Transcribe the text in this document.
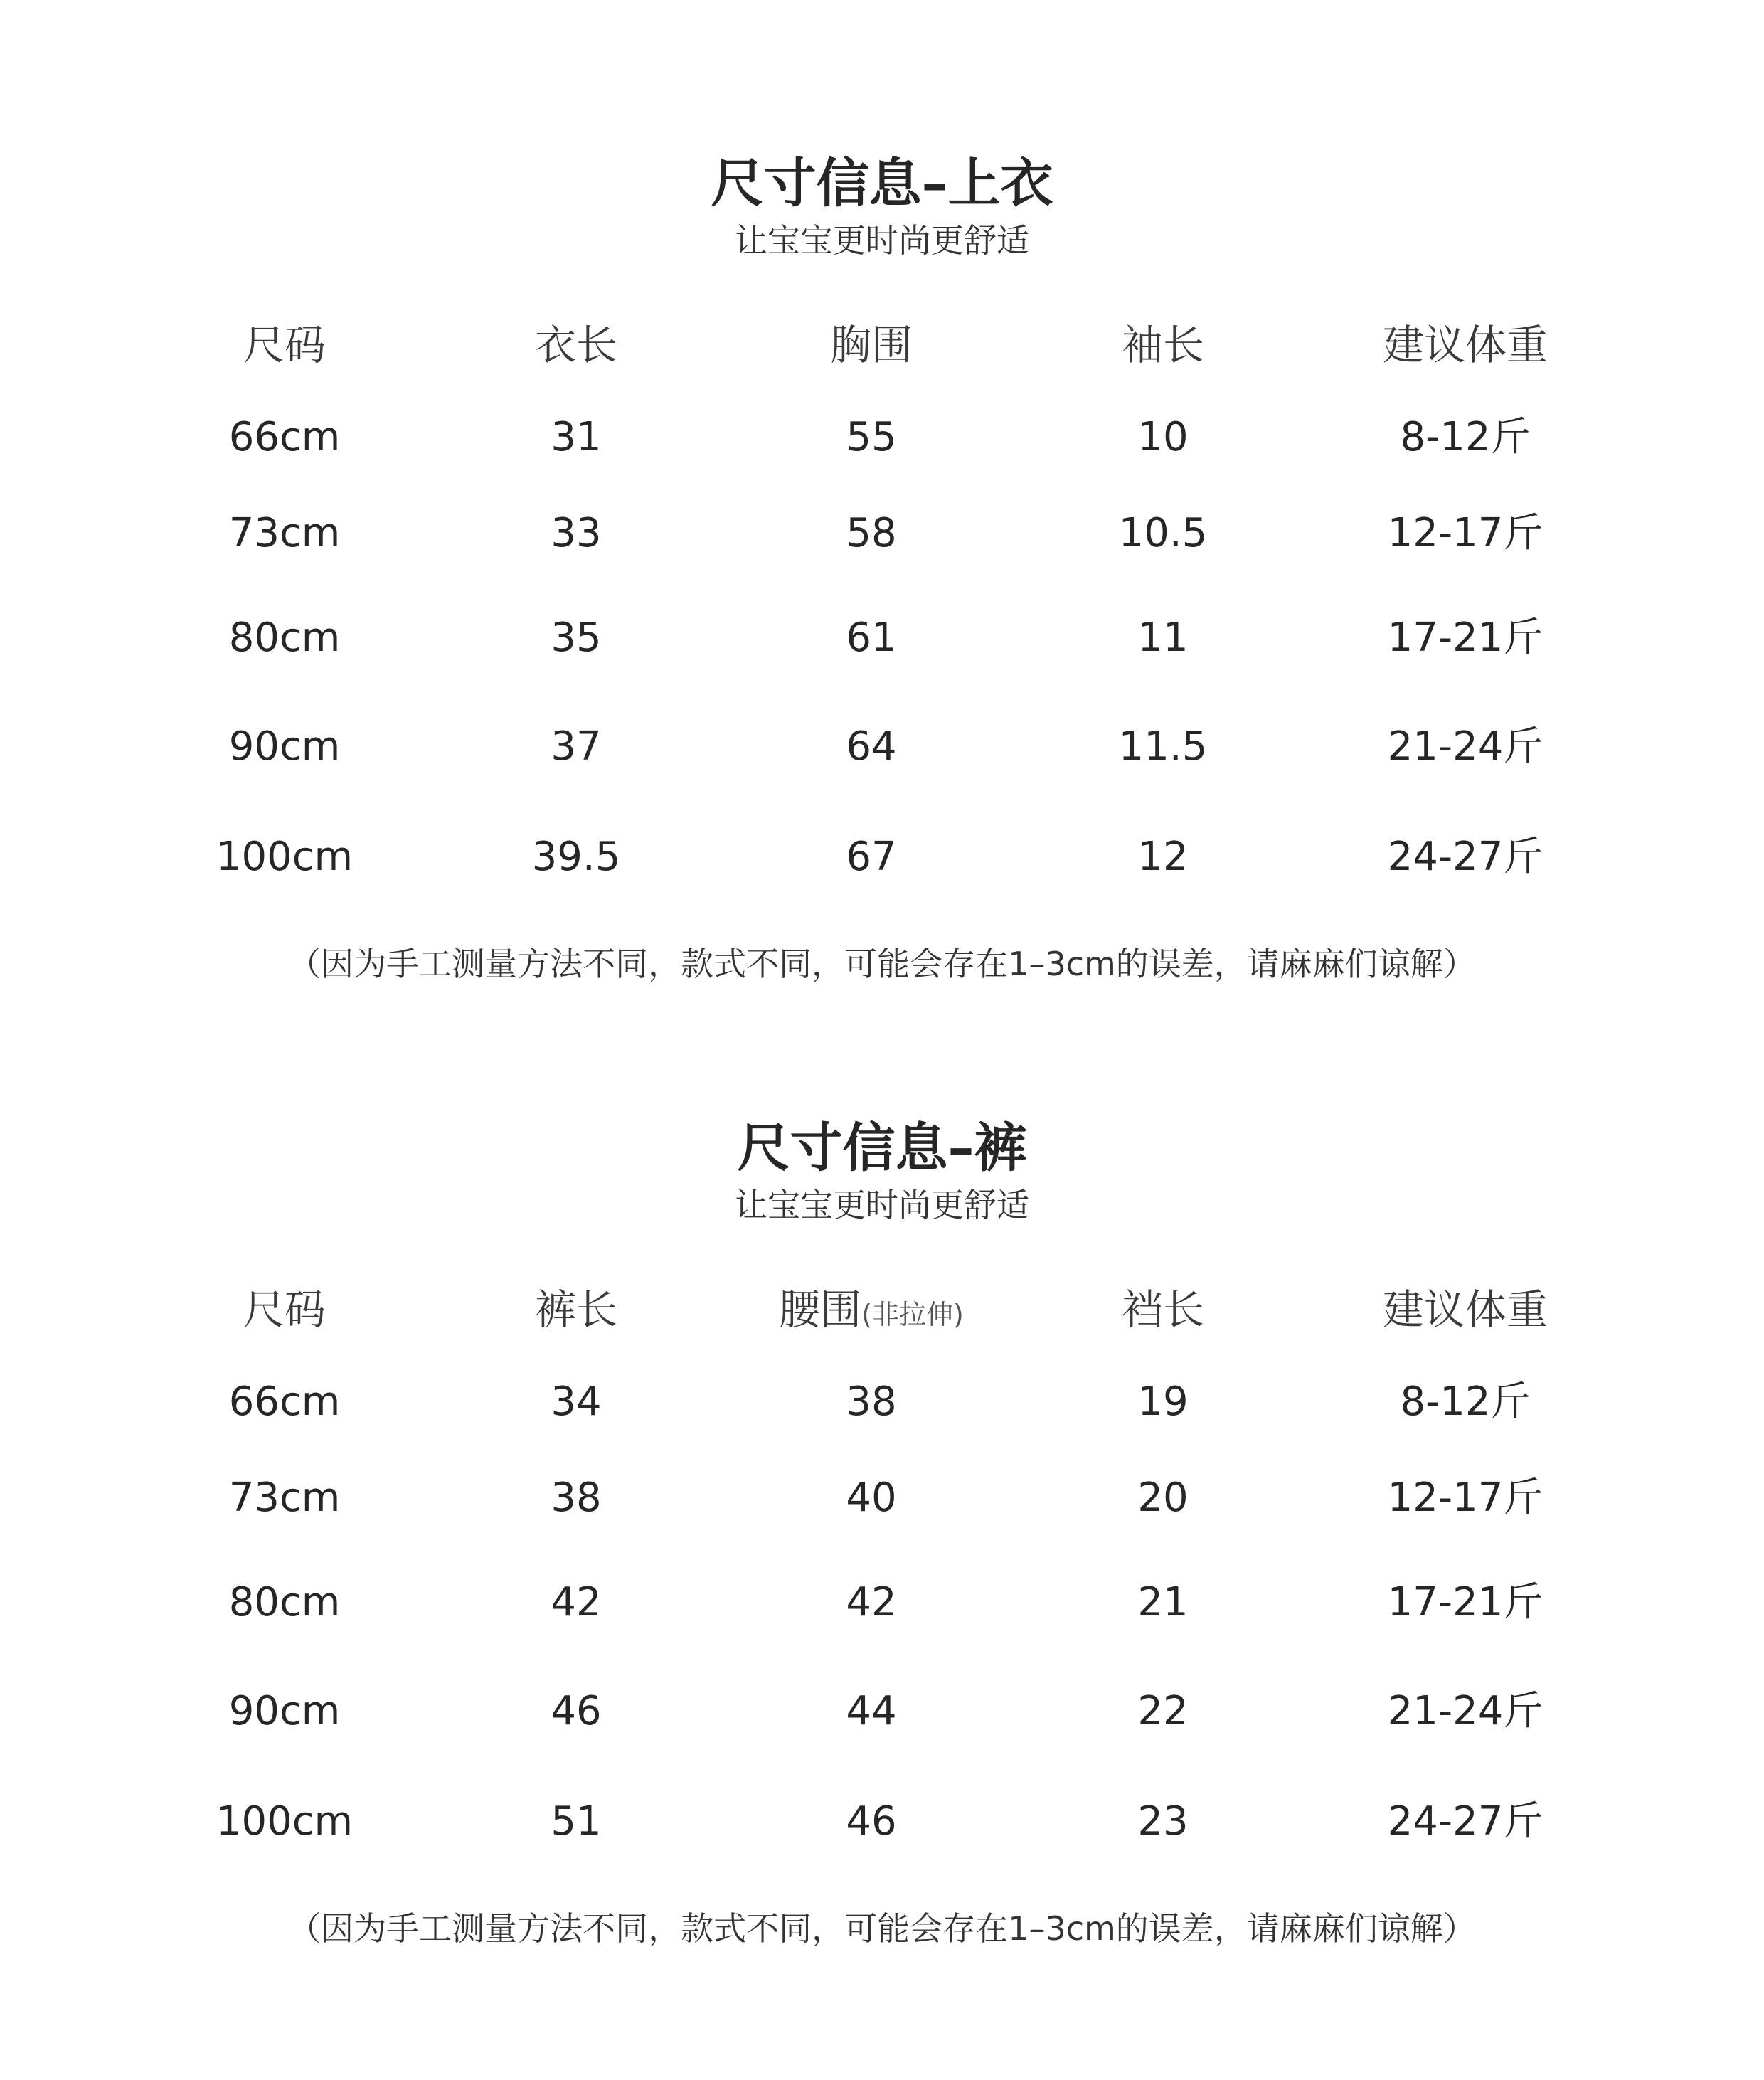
尺寸信息–上衣
让宝宝更时尚更舒适
尺码	衣长	胸围	袖长	建议体重
66cm	31	55	10	8-12斤
73cm	33	58	10.5	12-17斤
80cm	35	61	11	17-21斤
90cm	37	64	11.5	21-24斤
100cm	39.5	67	12	24-27斤
（因为手工测量方法不同，款式不同，可能会存在1–3cm的误差，请麻麻们谅解）
尺寸信息–裤
让宝宝更时尚更舒适
尺码	裤长	腰围(非拉伸)	裆长	建议体重
66cm	34	38	19	8-12斤
73cm	38	40	20	12-17斤
80cm	42	42	21	17-21斤
90cm	46	44	22	21-24斤
100cm	51	46	23	24-27斤
（因为手工测量方法不同，款式不同，可能会存在1–3cm的误差，请麻麻们谅解）
